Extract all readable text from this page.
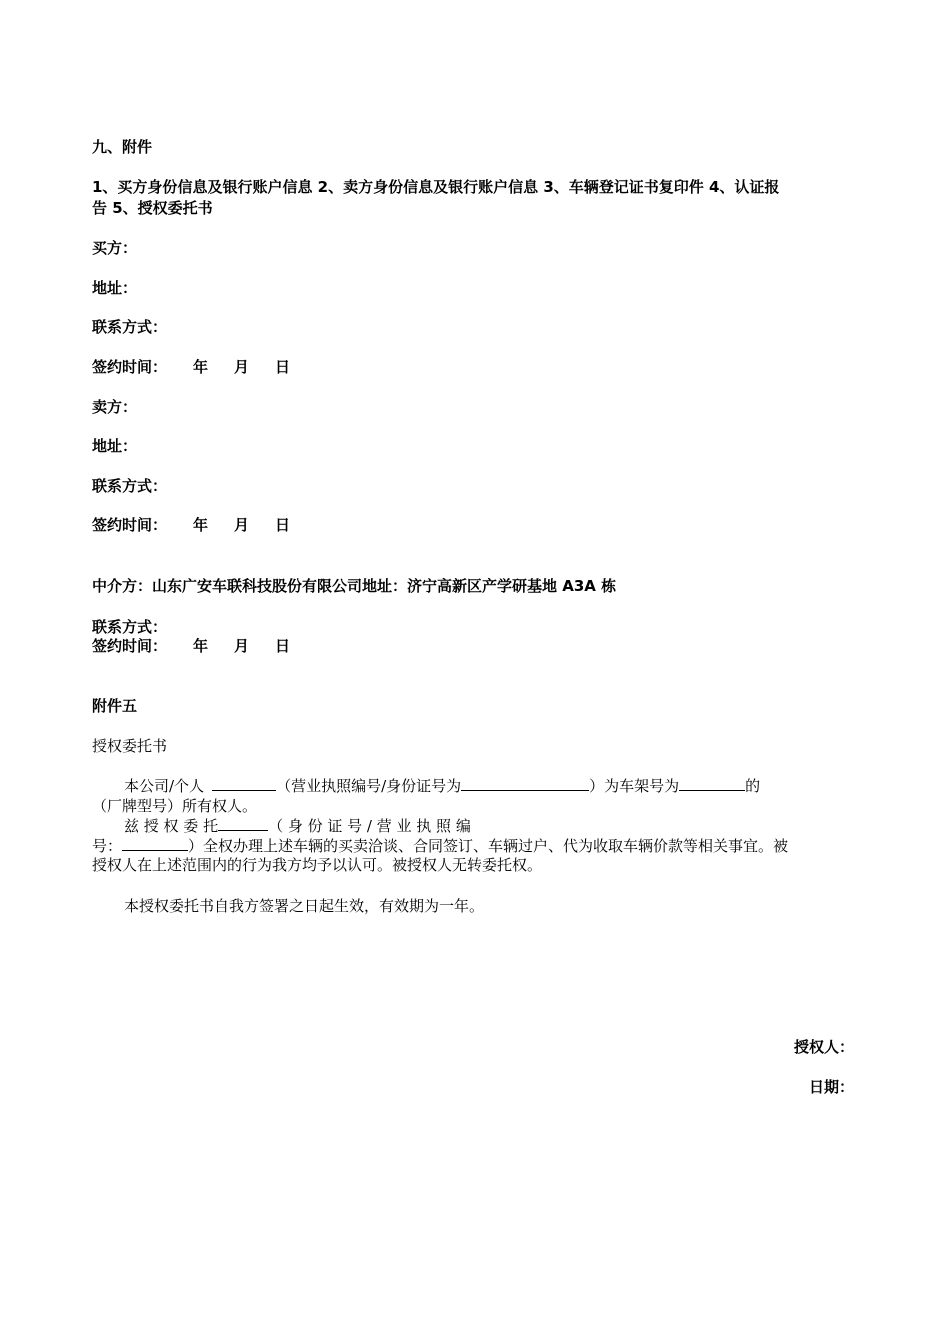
九、附件
1、买方身份信息及银行账户信息 2、卖方身份信息及银行账户信息 3、车辆登记证书复印件 4、认证报
告 5、授权委托书
买方：
地址：
联系方式：
签约时间： 年 月 日
卖方：
地址：
联系方式：
签约时间： 年 月 日
中介方：山东广安车联科技股份有限公司地址：济宁高新区产学研基地 A3A 栋
联系方式：
签约时间： 年 月 日
附件五
授权委托书
本公司/个人	（营业执照编号/身份证号为	）为车架号为	的
（厂牌型号）所有权人。
兹 授 权 委 托	（ 身 份 证 号 / 营 业 执 照 编
号：	）全权办理上述车辆的买卖洽谈、合同签订、车辆过户、代为收取车辆价款等相关事宜。被
授权人在上述范围内的行为我方均予以认可。被授权人无转委托权。
本授权委托书自我方签署之日起生效，有效期为一年。
授权人：
日期：
